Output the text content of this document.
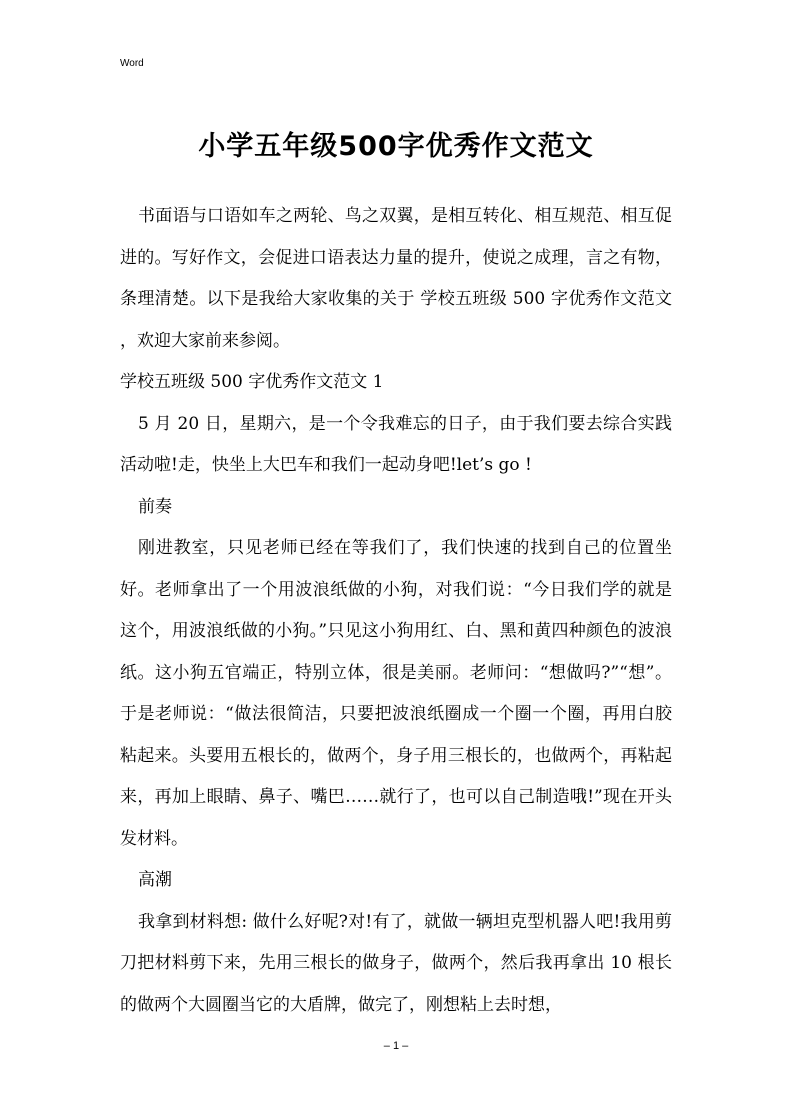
Word
小学五年级500字优秀作文范文

书面语与口语如车之两轮、鸟之双翼，是相互转化、相互规范、相互促进的。写好作文，会促进口语表达力量的提升，使说之成理，言之有物，条理清楚。以下是我给大家收集的关于 学校五班级 500 字优秀作文范文 ，欢迎大家前来参阅。

学校五班级 500 字优秀作文范文 1

5 月 20 日，星期六，是一个令我难忘的日子，由于我们要去综合实践活动啦!走，快坐上大巴车和我们一起动身吧!let’s go !

前奏

刚进教室，只见老师已经在等我们了，我们快速的找到自己的位置坐好。老师拿出了一个用波浪纸做的小狗，对我们说：“今日我们学的就是这个，用波浪纸做的小狗。”只见这小狗用红、白、黑和黄四种颜色的波浪纸。这小狗五官端正，特别立体，很是美丽。老师问：“想做吗?”“想”。于是老师说：“做法很简洁，只要把波浪纸圈成一个圈一个圈，再用白胶粘起来。头要用五根长的，做两个，身子用三根长的，也做两个，再粘起来，再加上眼睛、鼻子、嘴巴……就行了，也可以自己制造哦!”现在开头发材料。

高潮

我拿到材料想: 做什么好呢?对!有了，就做一辆坦克型机器人吧!我用剪刀把材料剪下来，先用三根长的做身子，做两个，然后我再拿出 10 根长的做两个大圆圈当它的大盾牌，做完了，刚想粘上去时想，

– 1 –
